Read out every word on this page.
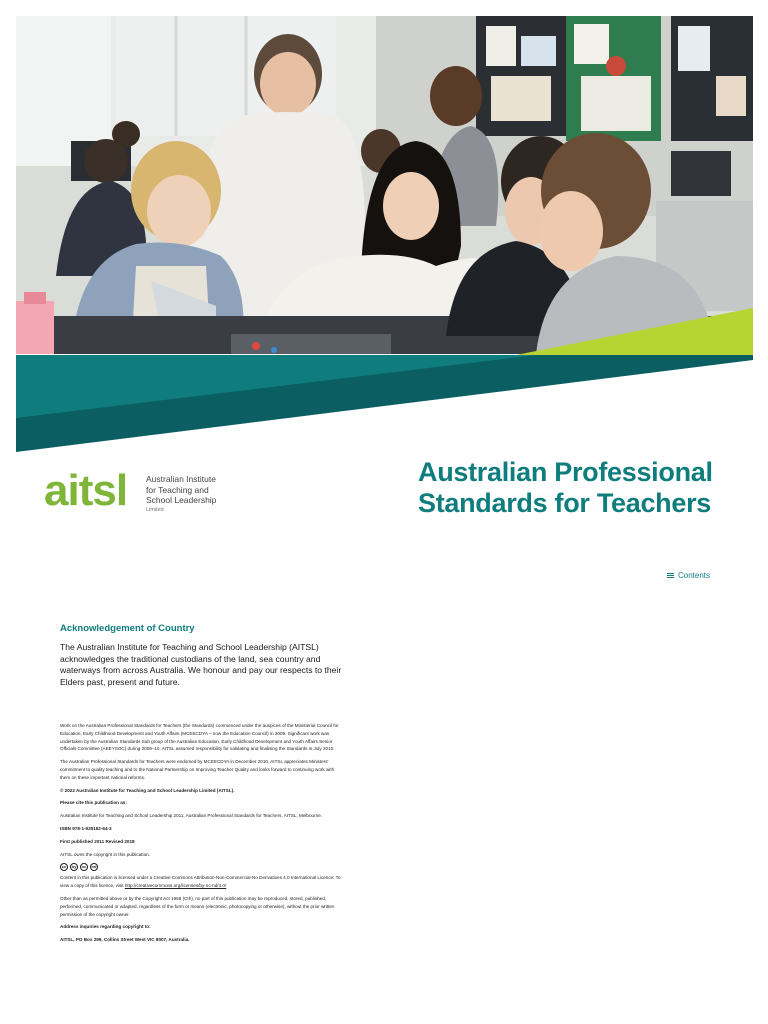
aitsl Australian Institute
for Teaching and
School Leadership
Limited
Australian Professional
Standards for Teachers
Contents
Acknowledgement of Country

The Australian Institute for Teaching and School Leadership (AITSL) acknowledges the traditional custodians of the land, sea country and waterways from across Australia. We honour and pay our respects to their Elders past, present and future.

Work on the Australian Professional Standards for Teachers (the Standards) commenced under the auspices of the Ministerial Council for Education, Early Childhood Development and Youth Affairs (MCEECDYA – now the Education Council) in 2009. Significant work was undertaken by the Australian Standards Sub group of the Australian Education, Early Childhood Development and Youth Affairs Senior Officials Committee (AEEYSOC) during 2009–10. AITSL assumed responsibility for validating and finalising the Standards in July 2010.

The Australian Professional Standards for Teachers were endorsed by MCEECDYA in December 2010. AITSL appreciates Ministers' commitment to quality teaching and to the National Partnership on Improving Teacher Quality and looks forward to continuing work with them on these important national reforms.

© 2022 Australian Institute for Teaching and School Leadership Limited (AITSL).

Please cite this publication as:

Australian Institute for Teaching and School Leadership 2011, Australian Professional Standards for Teachers, AITSL, Melbourne.

ISBN 978-1-925192-64-3

First published 2011 Revised 2018

AITSL owns the copyright in this publication.

cc	by	nc	nd

Content in this publication is licensed under a Creative Commons Attribution-Non-Commercial-No Derivatives 4.0 International Licence. To view a copy of this licence, visit http://creativecommons.org/licenses/by-nc-nd/4.0/

Other than as permitted above or by the Copyright Act 1968 (Cth), no part of this publication may be reproduced, stored, published, performed, communicated or adapted, regardless of the form or means (electronic, photocopying or otherwise), without the prior written permission of the copyright owner.

Address inquiries regarding copyright to:

AITSL, PO Box 299, Collins Street West VIC 8007, Australia.
